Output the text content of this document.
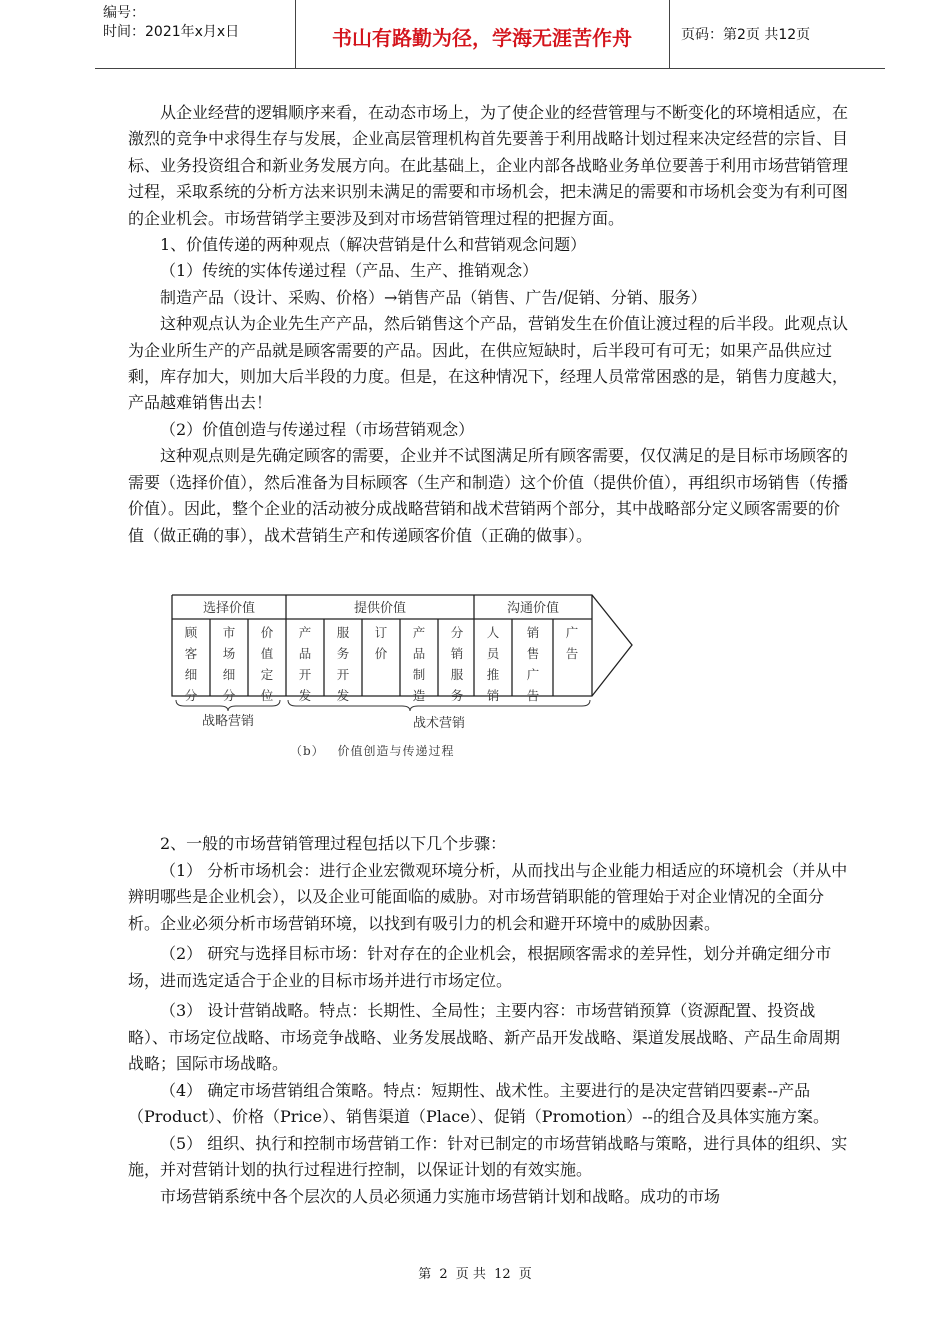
编号：
时间：2021年x月x日	书山有路勤为径，学海无涯苦作舟	页码：第2页 共12页

从企业经营的逻辑顺序来看，在动态市场上，为了使企业的经营管理与不断变化的环境相适应，在激烈的竞争中求得生存与发展，企业高层管理机构首先要善于利用战略计划过程来决定经营的宗旨、目标、业务投资组合和新业务发展方向。在此基础上，企业内部各战略业务单位要善于利用市场营销管理过程，采取系统的分析方法来识别未满足的需要和市场机会，把未满足的需要和市场机会变为有利可图的企业机会。市场营销学主要涉及到对市场营销管理过程的把握方面。

1、价值传递的两种观点（解决营销是什么和营销观念问题）

（1）传统的实体传递过程（产品、生产、推销观念）

制造产品（设计、采购、价格）→销售产品（销售、广告/促销、分销、服务）

这种观点认为企业先生产产品，然后销售这个产品，营销发生在价值让渡过程的后半段。此观点认为企业所生产的产品就是顾客需要的产品。因此，在供应短缺时，后半段可有可无；如果产品供应过剩，库存加大，则加大后半段的力度。但是，在这种情况下，经理人员常常困惑的是，销售力度越大，产品越难销售出去！

（2）价值创造与传递过程（市场营销观念）

这种观点则是先确定顾客的需要，企业并不试图满足所有顾客需要，仅仅满足的是目标市场顾客的需要（选择价值），然后准备为目标顾客（生产和制造）这个价值（提供价值），再组织市场销售（传播价值）。因此，整个企业的活动被分成战略营销和战术营销两个部分，其中战略部分定义顾客需要的价值（做正确的事），战术营销生产和传递顾客价值（正确的做事）。

选择价值	提供价值	沟通价值
顾客细分
市场细分
价值定位
产品开发
服务开发
订价
产品制造
分销服务
人员推销
销售广告
广告
战略营销	战术营销
（b） 价值创造与传递过程

2、一般的市场营销管理过程包括以下几个步骤：

（1） 分析市场机会：进行企业宏微观环境分析，从而找出与企业能力相适应的环境机会（并从中辨明哪些是企业机会），以及企业可能面临的威胁。对市场营销职能的管理始于对企业情况的全面分析。企业必须分析市场营销环境，以找到有吸引力的机会和避开环境中的威胁因素。

（2） 研究与选择目标市场：针对存在的企业机会，根据顾客需求的差异性，划分并确定细分市场，进而选定适合于企业的目标市场并进行市场定位。

（3） 设计营销战略。特点：长期性、全局性；主要内容：市场营销预算（资源配置、投资战略）、市场定位战略、市场竞争战略、业务发展战略、新产品开发战略、渠道发展战略、产品生命周期战略；国际市场战略。

（4） 确定市场营销组合策略。特点：短期性、战术性。主要进行的是决定营销四要素--产品（Product）、价格（Price）、销售渠道（Place）、促销（Promotion）--的组合及具体实施方案。

（5） 组织、执行和控制市场营销工作：针对已制定的市场营销战略与策略，进行具体的组织、实施，并对营销计划的执行过程进行控制，以保证计划的有效实施。

市场营销系统中各个层次的人员必须通力实施市场营销计划和战略。成功的市场

第 2 页 共 12 页
